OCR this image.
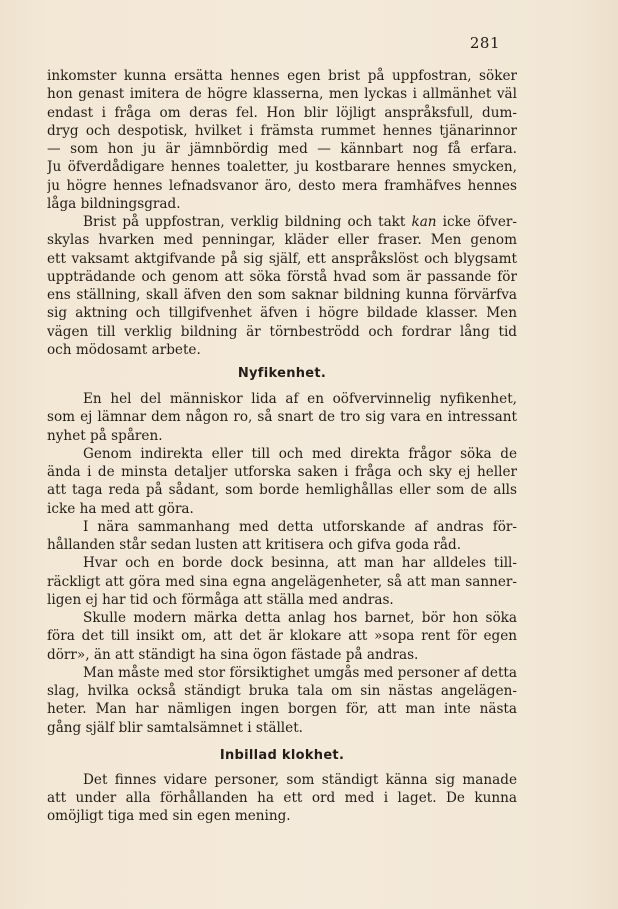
281
inkomster kunna ersätta hennes egen brist på uppfostran, söker
hon genast imitera de högre klasserna, men lyckas i allmänhet väl
endast i fråga om deras fel. Hon blir löjligt anspråksfull, dum-
dryg och despotisk, hvilket i främsta rummet hennes tjänarinnor
— som hon ju är jämnbördig med — kännbart nog få erfara.
Ju öfverdådigare hennes toaletter, ju kostbarare hennes smycken,
ju högre hennes lefnadsvanor äro, desto mera framhäfves hennes
låga bildningsgrad.
Brist på uppfostran, verklig bildning och takt kan icke öfver-
skylas hvarken med penningar, kläder eller fraser. Men genom
ett vaksamt aktgifvande på sig själf, ett anspråkslöst och blygsamt
uppträdande och genom att söka förstå hvad som är passande för
ens ställning, skall äfven den som saknar bildning kunna förvärfva
sig aktning och tillgifvenhet äfven i högre bildade klasser. Men
vägen till verklig bildning är törnbeströdd och fordrar lång tid
och mödosamt arbete.
Nyfikenhet.
En hel del människor lida af en oöfvervinnelig nyfikenhet,
som ej lämnar dem någon ro, så snart de tro sig vara en intressant
nyhet på spåren.
Genom indirekta eller till och med direkta frågor söka de
ända i de minsta detaljer utforska saken i fråga och sky ej heller
att taga reda på sådant, som borde hemlighållas eller som de alls
icke ha med att göra.
I nära sammanhang med detta utforskande af andras för-
hållanden står sedan lusten att kritisera och gifva goda råd.
Hvar och en borde dock besinna, att man har alldeles till-
räckligt att göra med sina egna angelägenheter, så att man sanner-
ligen ej har tid och förmåga att ställa med andras.
Skulle modern märka detta anlag hos barnet, bör hon söka
föra det till insikt om, att det är klokare att »sopa rent för egen
dörr», än att ständigt ha sina ögon fästade på andras.
Man måste med stor försiktighet umgås med personer af detta
slag, hvilka också ständigt bruka tala om sin nästas angelägen-
heter. Man har nämligen ingen borgen för, att man inte nästa
gång själf blir samtalsämnet i stället.
Inbillad klokhet.
Det finnes vidare personer, som ständigt känna sig manade
att under alla förhållanden ha ett ord med i laget. De kunna
omöjligt tiga med sin egen mening.
